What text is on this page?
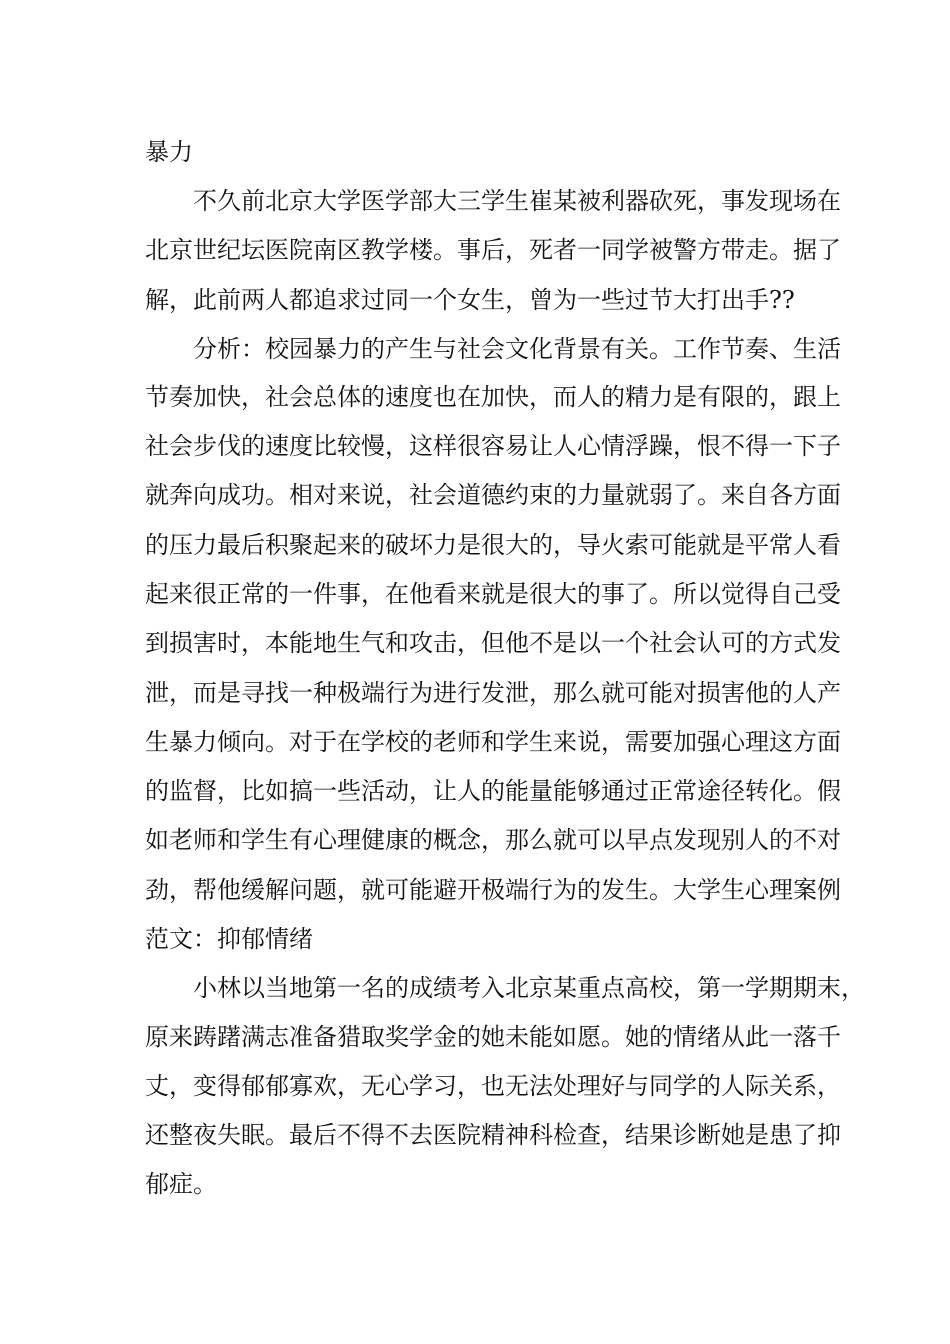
暴力
不久前北京大学医学部大三学生崔某被利器砍死，事发现场在
北京世纪坛医院南区教学楼。事后，死者一同学被警方带走。据了
解，此前两人都追求过同一个女生，曾为一些过节大打出手??
分析：校园暴力的产生与社会文化背景有关。工作节奏、生活
节奏加快，社会总体的速度也在加快，而人的精力是有限的，跟上
社会步伐的速度比较慢，这样很容易让人心情浮躁，恨不得一下子
就奔向成功。相对来说，社会道德约束的力量就弱了。来自各方面
的压力最后积聚起来的破坏力是很大的，导火索可能就是平常人看
起来很正常的一件事，在他看来就是很大的事了。所以觉得自己受
到损害时，本能地生气和攻击，但他不是以一个社会认可的方式发
泄，而是寻找一种极端行为进行发泄，那么就可能对损害他的人产
生暴力倾向。对于在学校的老师和学生来说，需要加强心理这方面
的监督，比如搞一些活动，让人的能量能够通过正常途径转化。假
如老师和学生有心理健康的概念，那么就可以早点发现别人的不对
劲，帮他缓解问题，就可能避开极端行为的发生。大学生心理案例
范文：抑郁情绪
小林以当地第一名的成绩考入北京某重点高校，第一学期期末，
原来踌躇满志准备猎取奖学金的她未能如愿。她的情绪从此一落千
丈，变得郁郁寡欢，无心学习，也无法处理好与同学的人际关系，
还整夜失眠。最后不得不去医院精神科检查，结果诊断她是患了抑
郁症。
